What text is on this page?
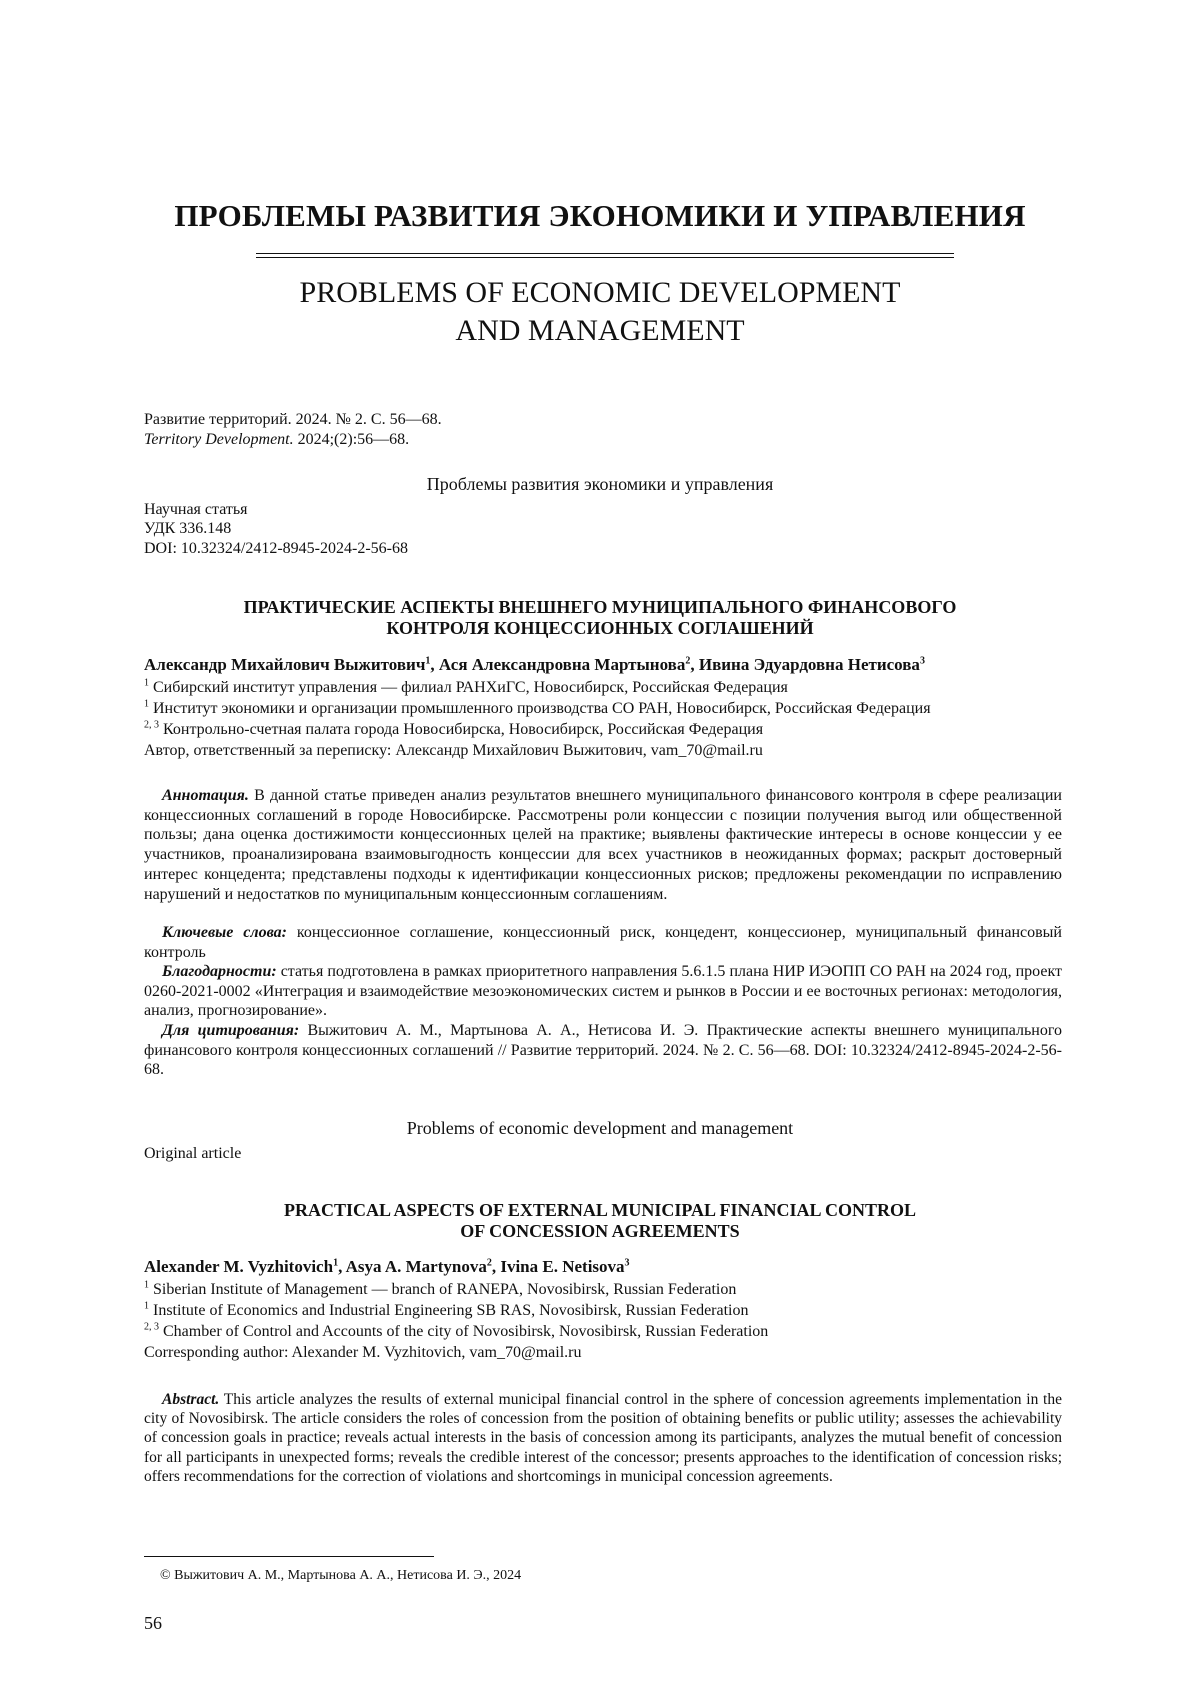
ПРОБЛЕМЫ РАЗВИТИЯ ЭКОНОМИКИ И УПРАВЛЕНИЯ
PROBLEMS OF ECONOMIC DEVELOPMENT
AND MANAGEMENT
Развитие территорий. 2024. № 2. С. 56—68.
Territory Development. 2024;(2):56—68.
Проблемы развития экономики и управления
Научная статья
УДК 336.148
DOI: 10.32324/2412-8945-2024-2-56-68
ПРАКТИЧЕСКИЕ АСПЕКТЫ ВНЕШНЕГО МУНИЦИПАЛЬНОГО ФИНАНСОВОГО
КОНТРОЛЯ КОНЦЕССИОННЫХ СОГЛАШЕНИЙ
Александр Михайлович Выжитович$^1$, Ася Александровна Мартынова$^2$, Ивина Эдуардовна Нетисова$^3$
$^1$ Сибирский институт управления — филиал РАНХиГС, Новосибирск, Российская Федерация
$^1$ Институт экономики и организации промышленного производства СО РАН, Новосибирск, Российская Федерация
$^{2, 3}$ Контрольно-счетная палата города Новосибирска, Новосибирск, Российская Федерация
Автор, ответственный за переписку: Александр Михайлович Выжитович, vam_70@mail.ru

Аннотация. В данной статье приведен анализ результатов внешнего муниципального финансового контроля в сфере реализации концессионных соглашений в городе Новосибирске. Рассмотрены роли концессии с позиции получения выгод или общественной пользы; дана оценка достижимости концессионных целей на практике; выявлены фактические интересы в основе концессии у ее участников, проанализирована взаимовыгодность концессии для всех участников в неожиданных формах; раскрыт достоверный интерес концедента; представлены подходы к идентификации концессионных рисков; предложены рекомендации по исправлению нарушений и недостатков по муниципальным концессионным соглашениям.

Ключевые слова: концессионное соглашение, концессионный риск, концедент, концессионер, муниципальный финансовый контроль

Благодарности: статья подготовлена в рамках приоритетного направления 5.6.1.5 плана НИР ИЭОПП СО РАН на 2024 год, проект 0260-2021-0002 «Интеграция и взаимодействие мезоэкономических систем и рынков в России и ее восточных регионах: методология, анализ, прогнозирование».

Для цитирования: Выжитович А. М., Мартынова А. А., Нетисова И. Э. Практические аспекты внешнего муниципального финансового контроля концессионных соглашений // Развитие территорий. 2024. № 2. С. 56—68. DOI: 10.32324/2412-8945-2024-2-56-68.

Problems of economic development and management
Original article
PRACTICAL ASPECTS OF EXTERNAL MUNICIPAL FINANCIAL CONTROL
OF CONCESSION AGREEMENTS
Alexander M. Vyzhitovich$^1$, Asya A. Martynova$^2$, Ivina E. Netisova$^3$
$^1$ Siberian Institute of Management — branch of RANEPA, Novosibirsk, Russian Federation
$^1$ Institute of Economics and Industrial Engineering SB RAS, Novosibirsk, Russian Federation
$^{2, 3}$ Chamber of Control and Accounts of the city of Novosibirsk, Novosibirsk, Russian Federation
Corresponding author: Alexander M. Vyzhitovich, vam_70@mail.ru

Abstract. This article analyzes the results of external municipal financial control in the sphere of concession agreements implementation in the city of Novosibirsk. The article considers the roles of concession from the position of obtaining benefits or public utility; assesses the achievability of concession goals in practice; reveals actual interests in the basis of concession among its participants, analyzes the mutual benefit of concession for all participants in unexpected forms; reveals the credible interest of the concessor; presents approaches to the identification of concession risks; offers recommendations for the correction of violations and shortcomings in municipal concession agreements.

© Выжитович А. М., Мартынова А. А., Нетисова И. Э., 2024
56
